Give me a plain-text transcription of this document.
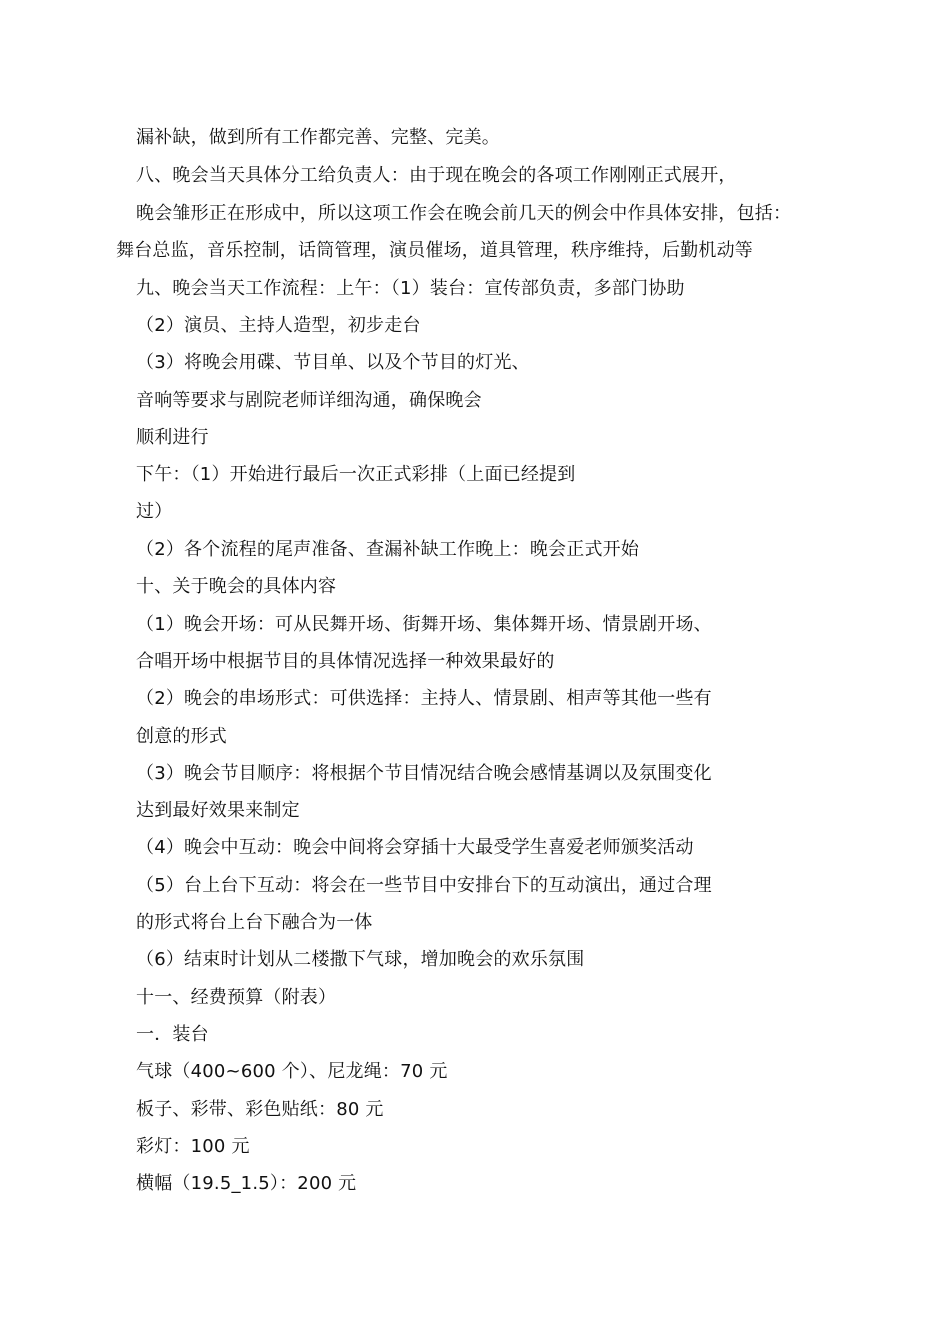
漏补缺，做到所有工作都完善、完整、完美。
八、晚会当天具体分工给负责人：由于现在晚会的各项工作刚刚正式展开，
晚会雏形正在形成中，所以这项工作会在晚会前几天的例会中作具体安排，包括：
舞台总监，音乐控制，话筒管理，演员催场，道具管理，秩序维持，后勤机动等
九、晚会当天工作流程：上午：（1）装台：宣传部负责，多部门协助
（2）演员、主持人造型，初步走台
（3）将晚会用碟、节目单、以及个节目的灯光、
音响等要求与剧院老师详细沟通，确保晚会
顺利进行
下午：（1）开始进行最后一次正式彩排（上面已经提到
过）
（2）各个流程的尾声准备、查漏补缺工作晚上：晚会正式开始
十、关于晚会的具体内容
（1）晚会开场：可从民舞开场、街舞开场、集体舞开场、情景剧开场、
合唱开场中根据节目的具体情况选择一种效果最好的
（2）晚会的串场形式：可供选择：主持人、情景剧、相声等其他一些有
创意的形式
（3）晚会节目顺序：将根据个节目情况结合晚会感情基调以及氛围变化
达到最好效果来制定
（4）晚会中互动：晚会中间将会穿插十大最受学生喜爱老师颁奖活动
（5）台上台下互动：将会在一些节目中安排台下的互动演出，通过合理
的形式将台上台下融合为一体
（6）结束时计划从二楼撒下气球，增加晚会的欢乐氛围
十一、经费预算（附表）
一．装台
气球（400~600 个）、尼龙绳：70 元
板子、彩带、彩色贴纸：80 元
彩灯：100 元
横幅（19.5_1.5）：200 元
